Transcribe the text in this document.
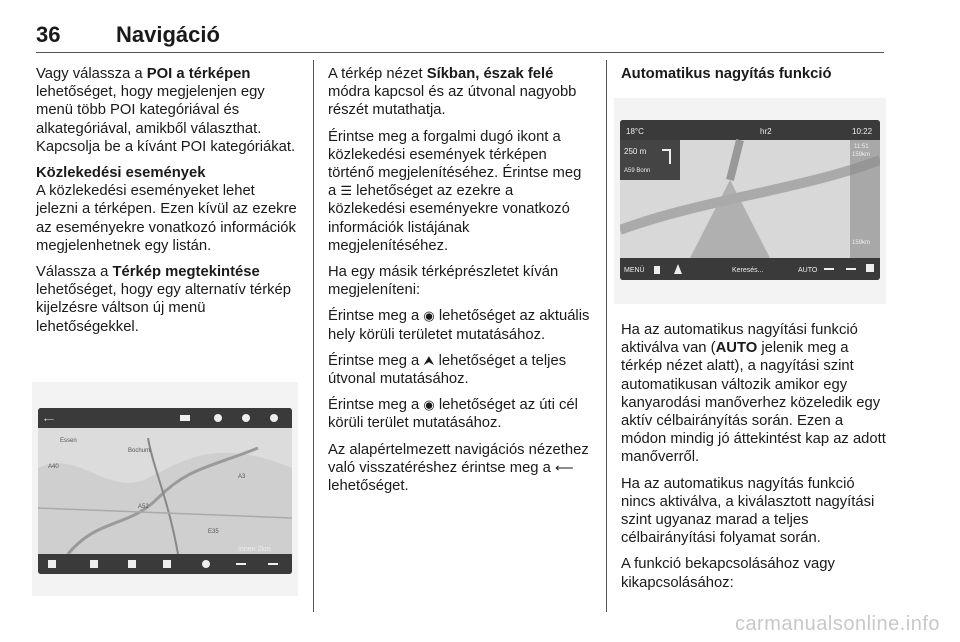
36	Navigáció

Vagy válassza a POI a térképen lehetőséget, hogy megjelenjen egy menü több POI kategóriával és alkategóriával, amikből választhat. Kapcsolja be a kívánt POI kategóriákat.

Közlekedési események

A közlekedési eseményeket lehet jelezni a térképen. Ezen kívül az ezekre az eseményekre vonatkozó információk megjelenhetnek egy listán.

Válassza a Térkép megtekintése lehetőséget, hogy egy alternatív térkép kijelzésre váltson új menü lehetőségekkel.

⟵
Innen 2km
Essen
Bochum
A40
A52
A3
E35

A térkép nézet Síkban, észak felé módra kapcsol és az útvonal nagyobb részét mutathatja.

Érintse meg a forgalmi dugó ikont a közlekedési események térképen történő megjelenítéséhez. Érintse meg a ☰ lehetőséget az ezekre a közlekedési eseményekre vonatkozó információk listájának megjelenítéséhez.

Ha egy másik térképrészletet kíván megjeleníteni:

Érintse meg a ◉ lehetőséget az aktuális hely körüli területet mutatásához.

Érintse meg a ⮝ lehetőséget a teljes útvonal mutatásához.

Érintse meg a ◉ lehetőséget az úti cél körüli terület mutatásához.

Az alapértelmezett navigációs nézethez való visszatéréshez érintse meg a ⟵ lehetőséget.

Automatikus nagyítás funkció
18°C	hr2	10:22
250 m
A59 Bonn
11:51
159km
159km
MENÜ	Keresés...	AUTO

Ha az automatikus nagyítási funkció aktiválva van (AUTO jelenik meg a térkép nézet alatt), a nagyítási szint automatikusan változik amikor egy kanyarodási manőverhez közeledik egy aktív célbairányítás során. Ezen a módon mindig jó áttekintést kap az adott manőverről.

Ha az automatikus nagyítás funkció nincs aktiválva, a kiválasztott nagyítási szint ugyanaz marad a teljes célbairányítási folyamat során.

A funkció bekapcsolásához vagy kikapcsolásához:

carmanualsonline.info
